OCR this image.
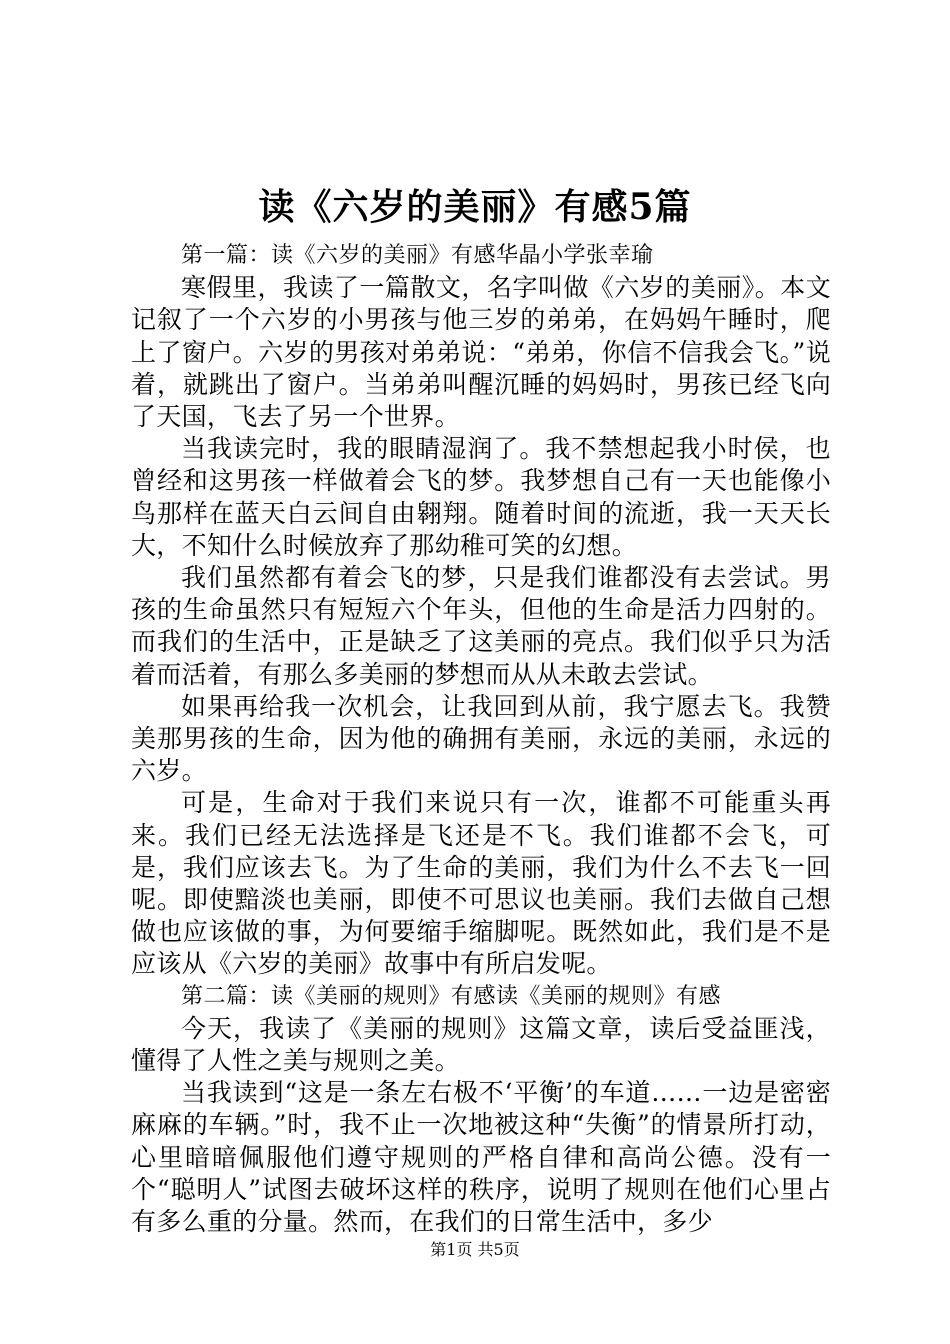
读《六岁的美丽》有感5篇

第一篇：读《六岁的美丽》有感华晶小学张幸瑜

寒假里，我读了一篇散文，名字叫做《六岁的美丽》。本文记叙了一个六岁的小男孩与他三岁的弟弟，在妈妈午睡时，爬上了窗户。六岁的男孩对弟弟说：“弟弟，你信不信我会飞。”说着，就跳出了窗户。当弟弟叫醒沉睡的妈妈时，男孩已经飞向了天国，飞去了另一个世界。

当我读完时，我的眼睛湿润了。我不禁想起我小时侯，也曾经和这男孩一样做着会飞的梦。我梦想自己有一天也能像小鸟那样在蓝天白云间自由翱翔。随着时间的流逝，我一天天长大，不知什么时候放弃了那幼稚可笑的幻想。

我们虽然都有着会飞的梦，只是我们谁都没有去尝试。男孩的生命虽然只有短短六个年头，但他的生命是活力四射的。而我们的生活中，正是缺乏了这美丽的亮点。我们似乎只为活着而活着，有那么多美丽的梦想而从从未敢去尝试。

如果再给我一次机会，让我回到从前，我宁愿去飞。我赞美那男孩的生命，因为他的确拥有美丽，永远的美丽，永远的六岁。

可是，生命对于我们来说只有一次，谁都不可能重头再来。我们已经无法选择是飞还是不飞。我们谁都不会飞，可是，我们应该去飞。为了生命的美丽，我们为什么不去飞一回呢。即使黯淡也美丽，即使不可思议也美丽。我们去做自己想做也应该做的事，为何要缩手缩脚呢。既然如此，我们是不是应该从《六岁的美丽》故事中有所启发呢。

第二篇：读《美丽的规则》有感读《美丽的规则》有感

今天，我读了《美丽的规则》这篇文章，读后受益匪浅，懂得了人性之美与规则之美。

当我读到“这是一条左右极不‘平衡’的车道……一边是密密麻麻的车辆。”时，我不止一次地被这种“失衡”的情景所打动，心里暗暗佩服他们遵守规则的严格自律和高尚公德。没有一个“聪明人”试图去破坏这样的秩序，说明了规则在他们心里占有多么重的分量。然而，在我们的日常生活中，多少

第1页 共5页
